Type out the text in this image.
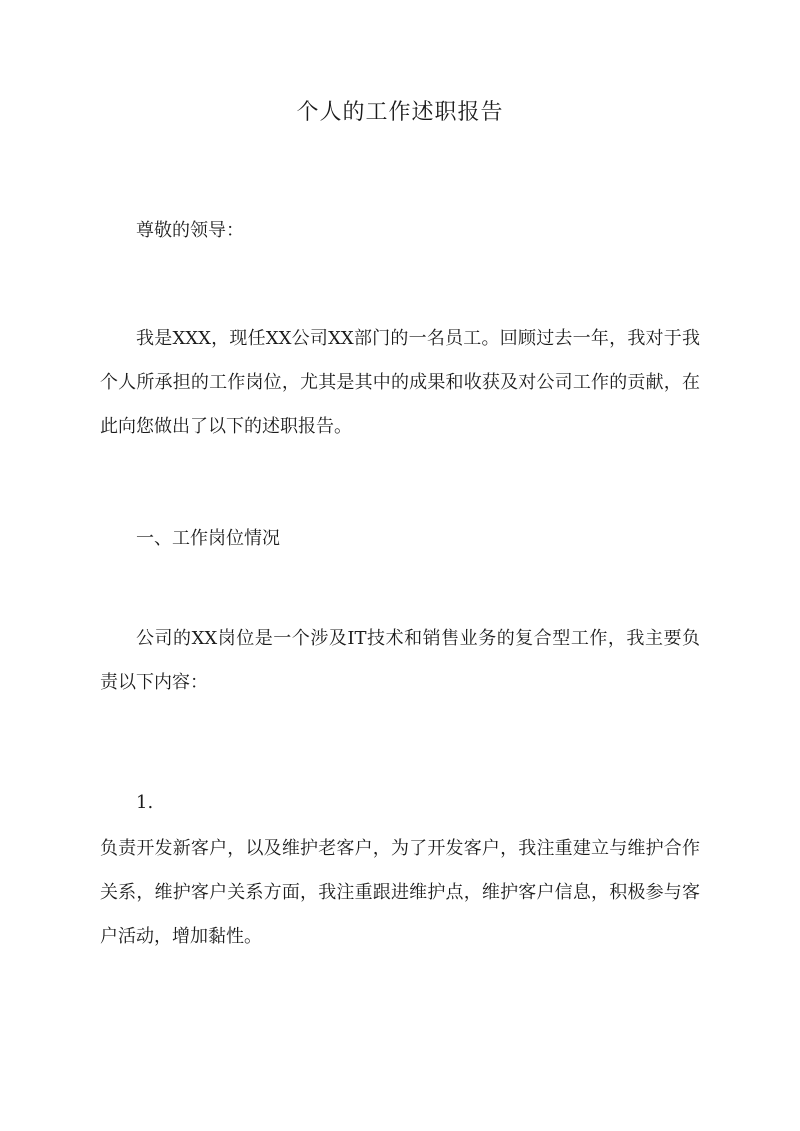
个人的工作述职报告

尊敬的领导：

我是XXX，现任XX公司XX部门的一名员工。回顾过去一年，我对于我个人所承担的工作岗位，尤其是其中的成果和收获及对公司工作的贡献，在此向您做出了以下的述职报告。

一、工作岗位情况

公司的XX岗位是一个涉及IT技术和销售业务的复合型工作，我主要负责以下内容：

1.

负责开发新客户，以及维护老客户，为了开发客户，我注重建立与维护合作关系，维护客户关系方面，我注重跟进维护点，维护客户信息，积极参与客户活动，增加黏性。
